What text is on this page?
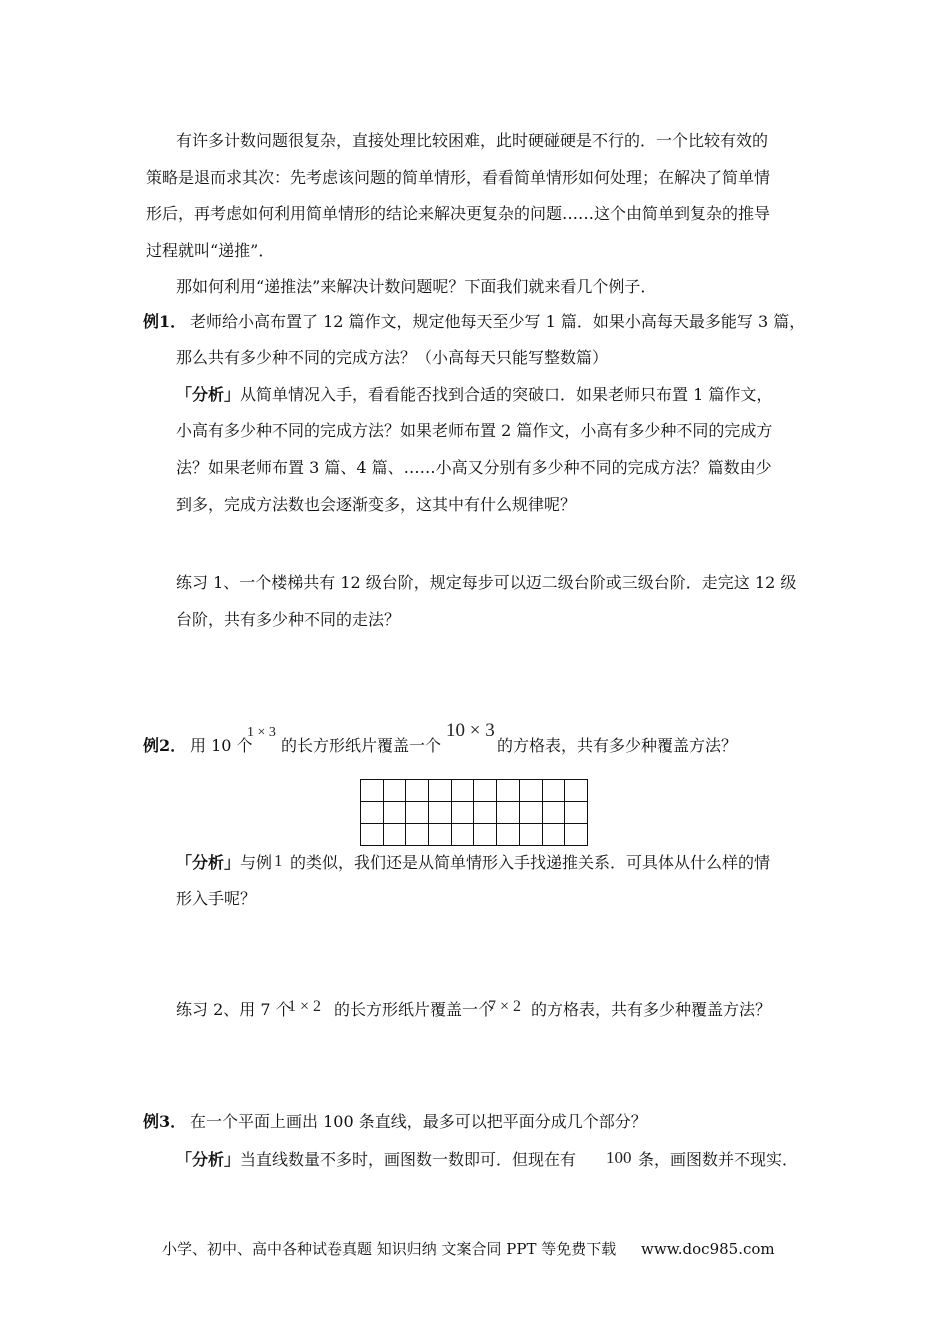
有许多计数问题很复杂，直接处理比较困难，此时硬碰硬是不行的．一个比较有效的
策略是退而求其次：先考虑该问题的简单情形，看看简单情形如何处理；在解决了简单情
形后，再考虑如何利用简单情形的结论来解决更复杂的问题……这个由简单到复杂的推导
过程就叫“递推”．
那如何利用“递推法”来解决计数问题呢？下面我们就来看几个例子．
例1． 老师给小高布置了 12 篇作文，规定他每天至少写 1 篇．如果小高每天最多能写 3 篇，
那么共有多少种不同的完成方法？（小高每天只能写整数篇）
「分析」 从简单情况入手，看看能否找到合适的突破口．如果老师只布置 1 篇作文，
小高有多少种不同的完成方法？如果老师布置 2 篇作文，小高有多少种不同的完成方
法？如果老师布置 3 篇、4 篇、……小高又分别有多少种不同的完成方法？篇数由少
到多，完成方法数也会逐渐变多，这其中有什么规律呢？
练习 1、一个楼梯共有 12 级台阶，规定每步可以迈二级台阶或三级台阶．走完这 12 级
台阶，共有多少种不同的走法？
例2． 用 10 个
1 × 3
的长方形纸片覆盖一个
10 × 3
的方格表，共有多少种覆盖方法？

「分析」 与例 1 的类似，我们还是从简单情形入手找递推关系．可具体从什么样的情
形入手呢？
练习 2、用 7 个
1 × 2 的长方形纸片覆盖一个
7 × 2 的方格表，共有多少种覆盖方法？
例3． 在一个平面上画出 100 条直线，最多可以把平面分成几个部分？
「分析」 当直线数量不多时，画图数一数即可．但现在有 100 条，画图数并不现实．
小学、初中、高中各种试卷真题 知识归纳 文案合同 PPT 等免费下载 www.doc985.com
